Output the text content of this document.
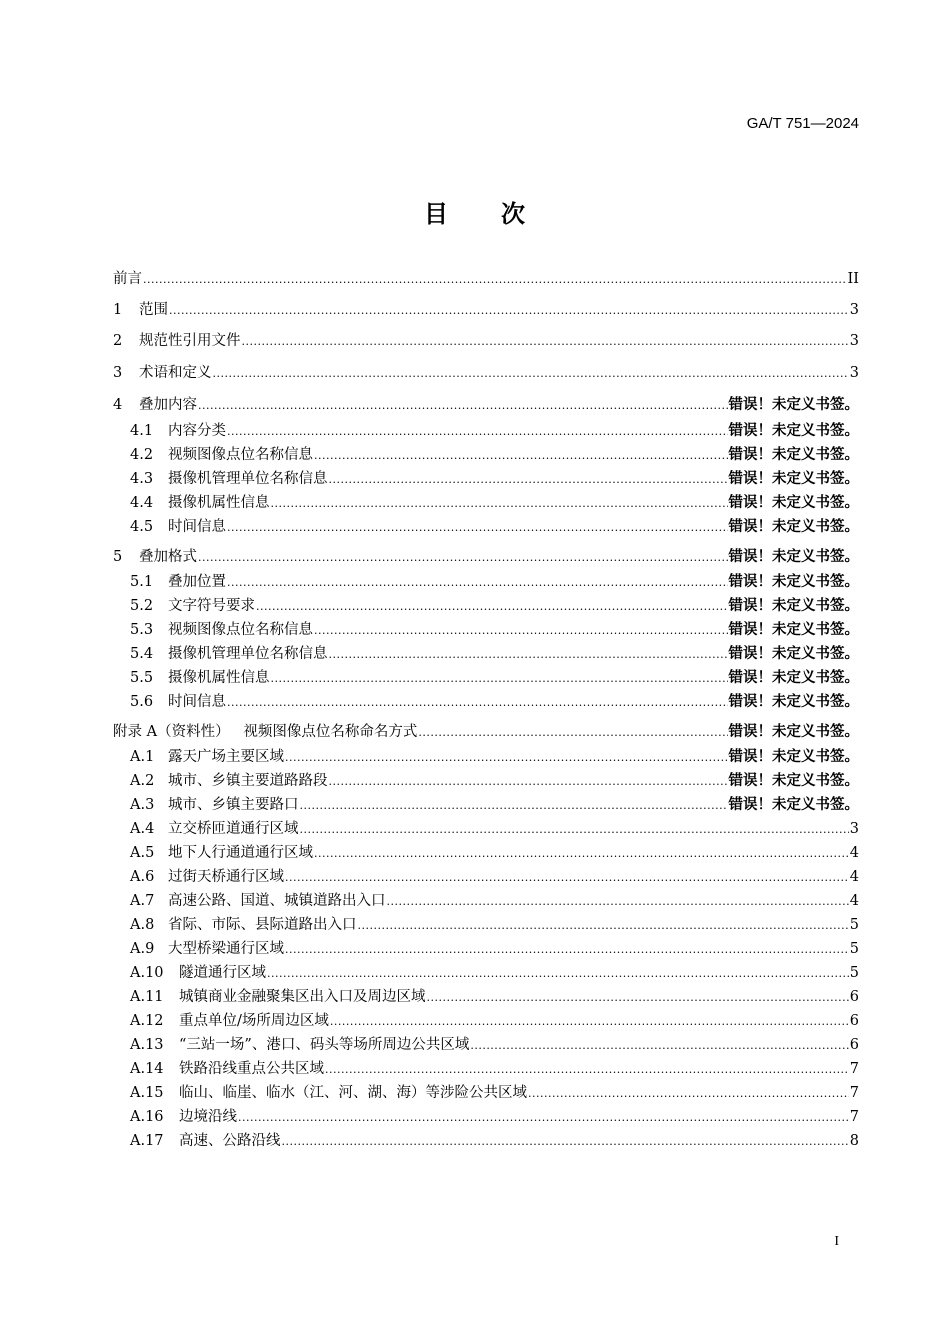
GA/T 751—2024
目 次
前言 .....	II
1	范围 .....	3
2	规范性引用文件 .....	3
3	术语和定义 .....	3
4	叠加内容 .....	错误！未定义书签。
4.1	内容分类 .....	错误！未定义书签。
4.2	视频图像点位名称信息 .....	错误！未定义书签。
4.3	摄像机管理单位名称信息 .....	错误！未定义书签。
4.4	摄像机属性信息 .....	错误！未定义书签。
4.5	时间信息 .....	错误！未定义书签。
5	叠加格式 .....	错误！未定义书签。
5.1	叠加位置 .....	错误！未定义书签。
5.2	文字符号要求 .....	错误！未定义书签。
5.3	视频图像点位名称信息 .....	错误！未定义书签。
5.4	摄像机管理单位名称信息 .....	错误！未定义书签。
5.5	摄像机属性信息 .....	错误！未定义书签。
5.6	时间信息 .....	错误！未定义书签。
附录 A（资料性）   视频图像点位名称命名方式 .....	错误！未定义书签。
A.1 露天广场主要区域 .....	错误！未定义书签。
A.2 城市、乡镇主要道路路段 .....	错误！未定义书签。
A.3 城市、乡镇主要路口 .....	错误！未定义书签。
A.4 立交桥匝道通行区域 .....	3
A.5 地下人行通道通行区域 .....	4
A.6 过街天桥通行区域 .....	4
A.7 高速公路、国道、城镇道路出入口 .....	4
A.8 省际、市际、县际道路出入口 .....	5
A.9 大型桥梁通行区域 .....	5
A.10	隧道通行区域 .....	5
A.11	城镇商业金融聚集区出入口及周边区域 .....	6
A.12	重点单位/场所周边区域 .....	6
A.13	“三站一场”、港口、码头等场所周边公共区域 .....	6
A.14	铁路沿线重点公共区域 .....	7
A.15	临山、临崖、临水（江、河、湖、海）等涉险公共区域 .....	7
A.16	边境沿线 .....	7
A.17	高速、公路沿线 .....	8
I
